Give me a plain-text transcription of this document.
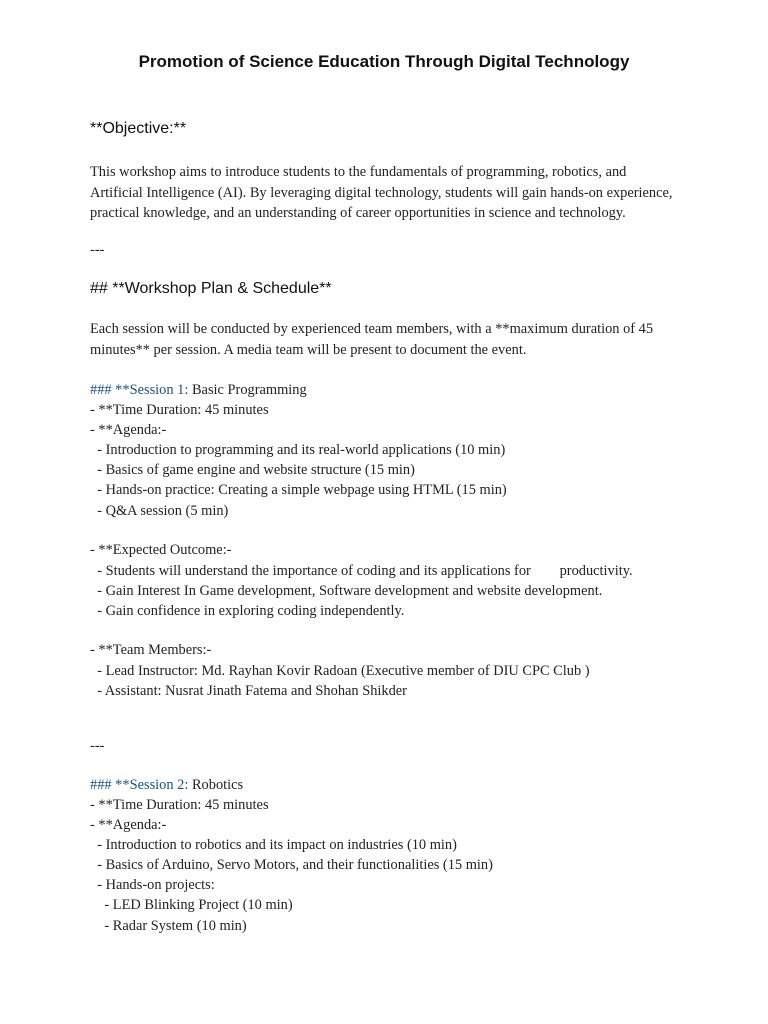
Promotion of Science Education Through Digital Technology
**Objective:**
This workshop aims to introduce students to the fundamentals of programming, robotics, and Artificial Intelligence (AI). By leveraging digital technology, students will gain hands-on experience, practical knowledge, and an understanding of career opportunities in science and technology.
---
## **Workshop Plan & Schedule**
Each session will be conducted by experienced team members, with a **maximum duration of 45 minutes** per session. A media team will be present to document the event.
### **Session 1: Basic Programming
- **Time Duration: 45 minutes
- **Agenda:-
- Introduction to programming and its real-world applications (10 min)
- Basics of game engine and website structure (15 min)
- Hands-on practice: Creating a simple webpage using HTML (15 min)
- Q&A session (5 min)
- **Expected Outcome:-
- Students will understand the importance of coding and its applications for        productivity.
- Gain Interest In Game development, Software development and website development.
- Gain confidence in exploring coding independently.
- **Team Members:-
- Lead Instructor: Md. Rayhan Kovir Radoan (Executive member of DIU CPC Club )
- Assistant: Nusrat Jinath Fatema and Shohan Shikder
---
### **Session 2: Robotics
- **Time Duration: 45 minutes
- **Agenda:-
- Introduction to robotics and its impact on industries (10 min)
- Basics of Arduino, Servo Motors, and their functionalities (15 min)
- Hands-on projects:
- LED Blinking Project (10 min)
- Radar System (10 min)
